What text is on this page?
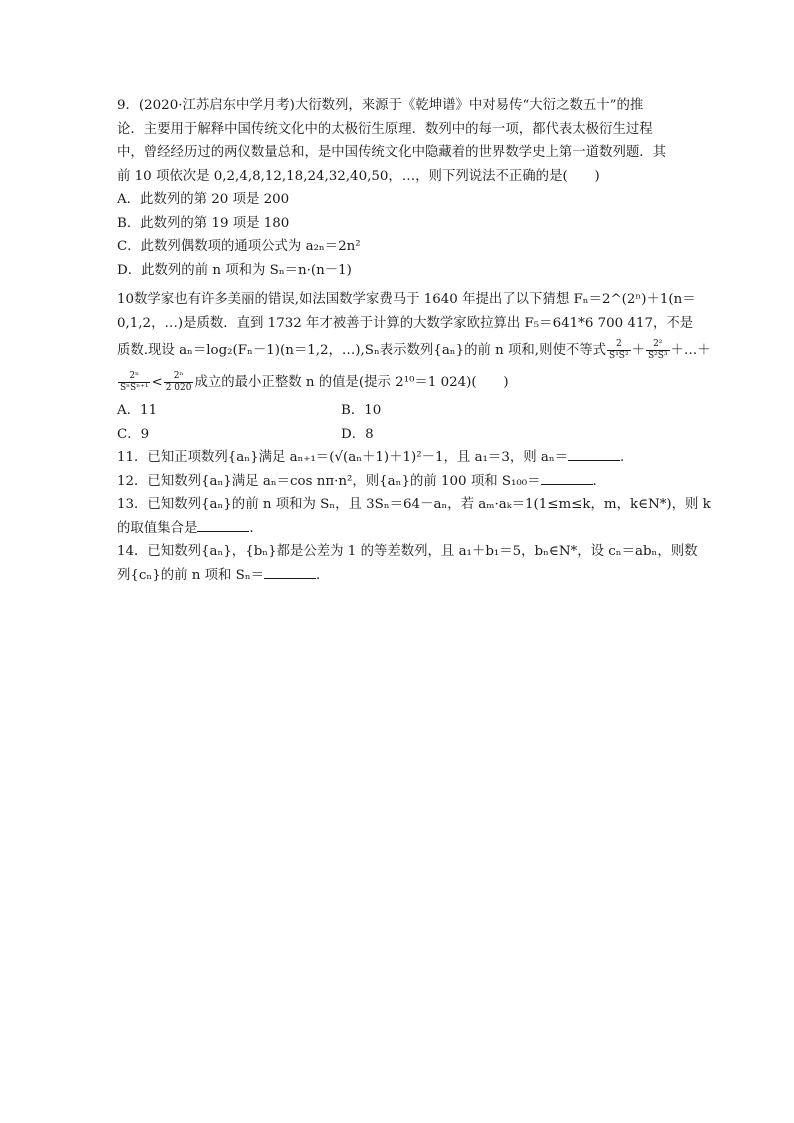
9．(2020·江苏启东中学月考)大衍数列，来源于《乾坤谱》中对易传“大衍之数五十”的推
论．主要用于解释中国传统文化中的太极衍生原理．数列中的每一项，都代表太极衍生过程
中，曾经经历过的两仪数量总和，是中国传统文化中隐藏着的世界数学史上第一道数列题．其
前 10 项依次是 0,2,4,8,12,18,24,32,40,50，…，则下列说法不正确的是(　　)
A．此数列的第 20 项是 200
B．此数列的第 19 项是 180
C．此数列偶数项的通项公式为 a₂ₙ＝2n²
D．此数列的前 n 项和为 Sₙ＝n·(n－1)
10数学家也有许多美丽的错误,如法国数学家费马于 1640 年提出了以下猜想 Fₙ＝2^(2ⁿ)＋1(n＝
0,1,2，…)是质数．直到 1732 年才被善于计算的大数学家欧拉算出 F₅＝641*6 700 417，不是
质数.现设 aₙ＝log₂(Fₙ－1)(n＝1,2，…),Sₙ表示数列{aₙ}的前 n 项和,则使不等式 $\frac{2}{\text{S¹S²}} + \frac{\text{2²}}{\text{S²S³}}$ ＋…＋
$\frac{\text{2ⁿ}}{\text{SⁿSⁿ⁺¹}} < \frac{\text{2ⁿ}}{2 020}$ 成立的最小正整数 n 的值是(提示 2¹⁰＝1 024)(　　)
A．11	B．10
C．9	D．8
11．已知正项数列{aₙ}满足 aₙ₊₁＝(√(aₙ＋1)＋1)²－1，且 a₁＝3，则 aₙ＝	.
12．已知数列{aₙ}满足 aₙ＝cos nπ·n²，则{aₙ}的前 100 项和 S₁₀₀＝	.
13．已知数列{aₙ}的前 n 项和为 Sₙ，且 3Sₙ＝64－aₙ，若 aₘ·aₖ＝1(1≤m≤k，m，k∈N*)，则 k
的取值集合是	.
14．已知数列{aₙ}，{bₙ}都是公差为 1 的等差数列，且 a₁＋b₁＝5，bₙ∈N*，设 cₙ＝abₙ，则数
列{cₙ}的前 n 项和 Sₙ＝	.
